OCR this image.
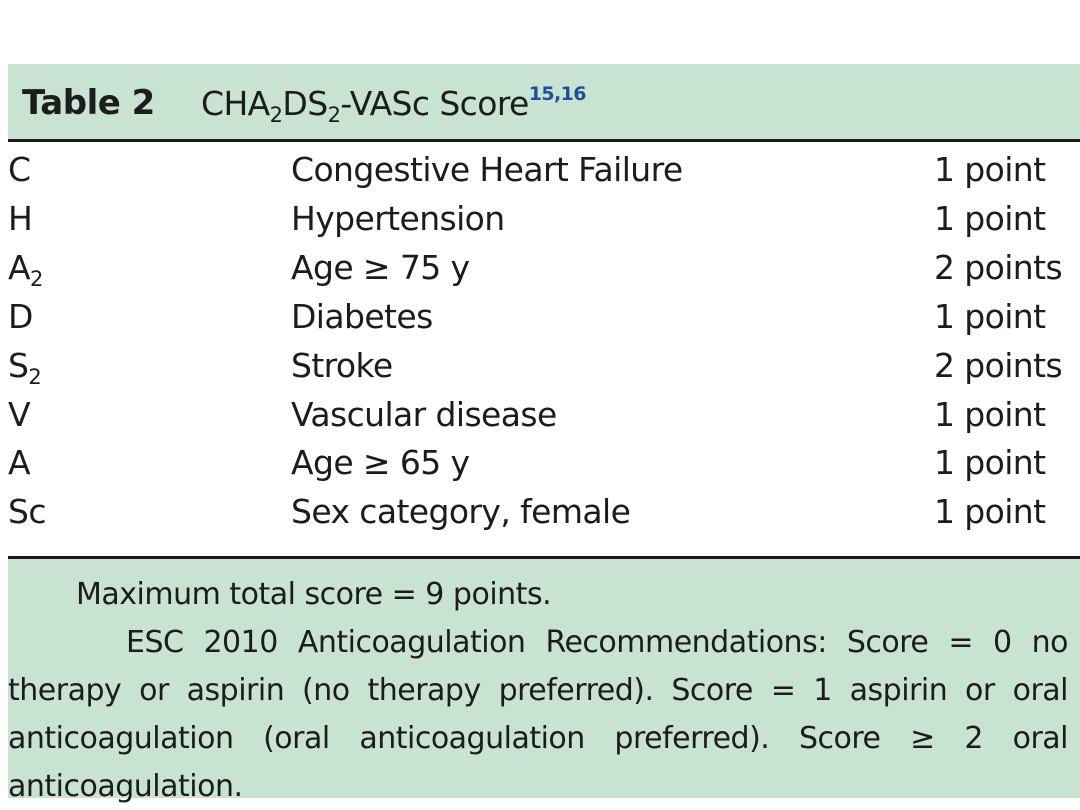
Table 2 $CHA_2DS_2$-VASc Score$^{15,16}$
C	Congestive Heart Failure	1 point
H	Hypertension	1 point
$A_2$	Age ≥ 75 y	2 points
D	Diabetes	1 point
$S_2$	Stroke	2 points
V	Vascular disease	1 point
A	Age ≥ 65 y	1 point
Sc	Sex category, female	1 point
Maximum total score = 9 points.
ESC 2010 Anticoagulation Recommendations: Score = 0 no therapy or aspirin (no therapy preferred). Score = 1 aspirin or oral anticoagulation (oral anticoagulation preferred). Score ≥ 2 oral anticoagulation.
